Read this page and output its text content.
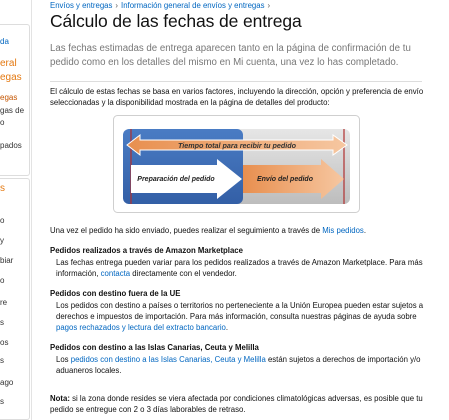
da
eral
egas
egas
gas de
o
pados
s
o
y
biar
o
re
s
os
s
ago
s
Envíos y entregas › Información general de envíos y entregas ›
Cálculo de las fechas de entrega
Las fechas estimadas de entrega aparecen tanto en la página de confirmación de tu pedido como en los detalles del mismo en Mi cuenta, una vez lo has completado.
El cálculo de estas fechas se basa en varios factores, incluyendo la dirección, opción y preferencia de envío seleccionadas y la disponibilidad mostrada en la página de detalles del producto:
Tiempo total para recibir tu pedido
Preparación del pedido	Envío del pedido
Una vez el pedido ha sido enviado, puedes realizar el seguimiento a través de Mis pedidos.
Pedidos realizados a través de Amazon Marketplace
Las fechas entrega pueden variar para los pedidos realizados a través de Amazon Marketplace. Para más información, contacta directamente con el vendedor.
Pedidos con destino fuera de la UE
Los pedidos con destino a países o territorios no perteneciente a la Unión Europea pueden estar sujetos a derechos e impuestos de importación. Para más información, consulta nuestras páginas de ayuda sobre pagos rechazados y lectura del extracto bancario.
Pedidos con destino a las Islas Canarias, Ceuta y Melilla
Los pedidos con destino a las Islas Canarias, Ceuta y Melilla están sujetos a derechos de importación y/o aduaneros locales.
Nota: si la zona donde resides se viera afectada por condiciones climatológicas adversas, es posible que tu pedido se entregue con 2 o 3 días laborables de retraso.
